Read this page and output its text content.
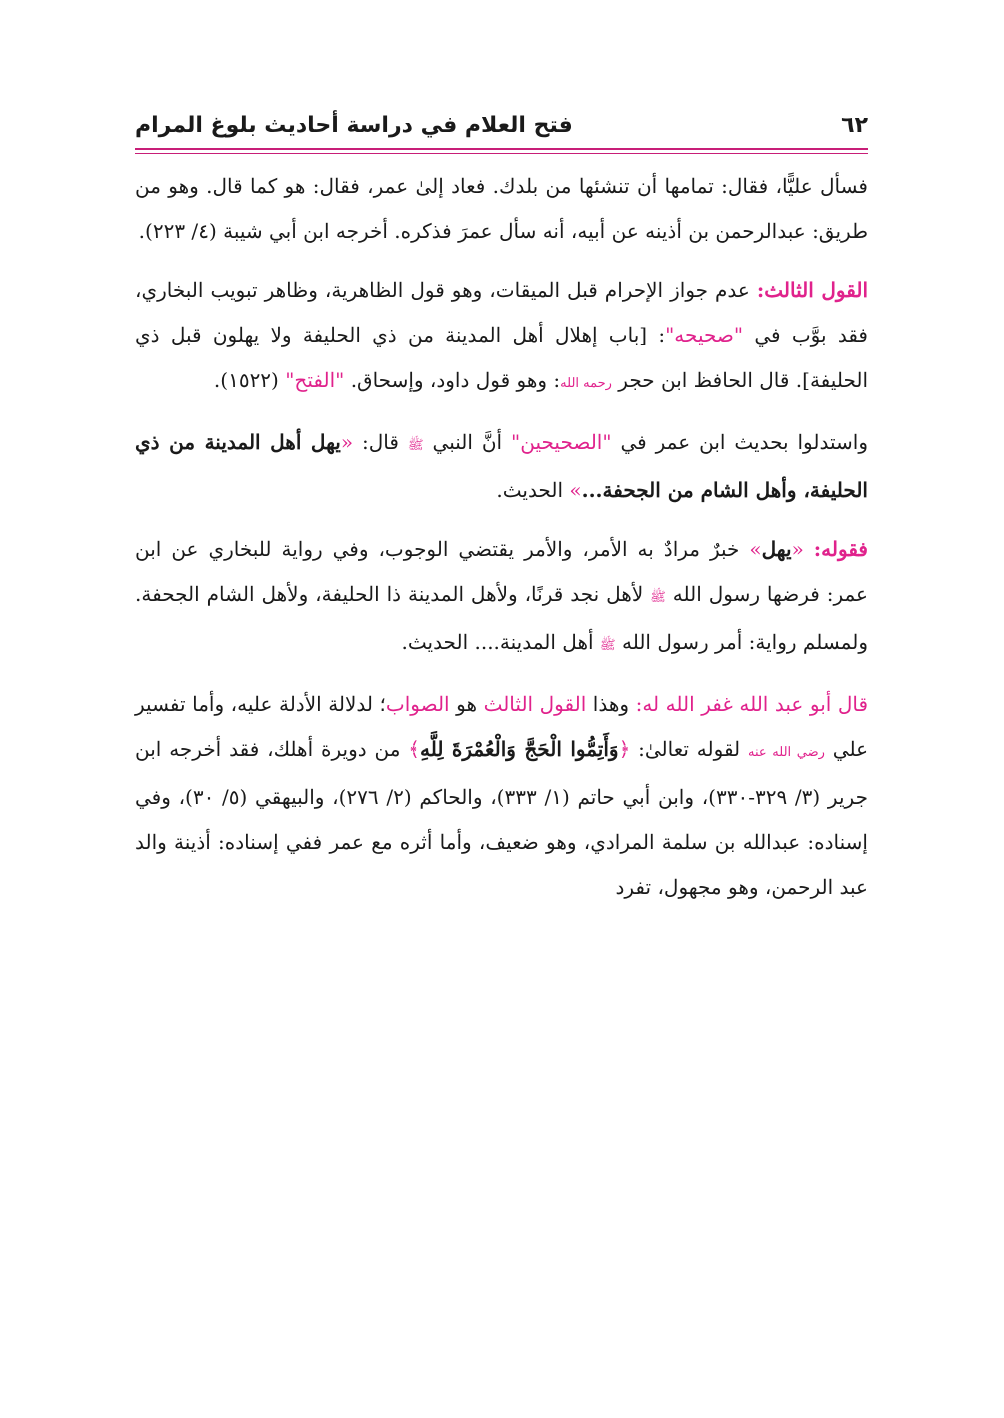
٦٢
فتح العلام في دراسة أحاديث بلوغ المرام

فسأل عليًّا، فقال: تمامها أن تنشئها من بلدك. فعاد إلىٰ عمر، فقال: هو كما قال. وهو من طريق: عبدالرحمن بن أذينه عن أبيه، أنه سأل عمرَ فذكره. أخرجه ابن أبي شيبة (٤/ ٢٢٣).

القول الثالث: عدم جواز الإحرام قبل الميقات، وهو قول الظاهرية، وظاهر تبويب البخاري، فقد بوَّب في "صحيحه": [باب إهلال أهل المدينة من ذي الحليفة ولا يهلون قبل ذي الحليفة]. قال الحافظ ابن حجر رحمه الله: وهو قول داود، وإسحاق. "الفتح" (١٥٢٢).

واستدلوا بحديث ابن عمر في "الصحيحين" أنَّ النبي ﷺ قال: «يهل أهل المدينة من ذي الحليفة، وأهل الشام من الجحفة...» الحديث.

فقوله: «يهل» خبرٌ مرادٌ به الأمر، والأمر يقتضي الوجوب، وفي رواية للبخاري عن ابن عمر: فرضها رسول الله ﷺ لأهل نجد قرنًا، ولأهل المدينة ذا الحليفة، ولأهل الشام الجحفة. ولمسلم رواية: أمر رسول الله ﷺ أهل المدينة.... الحديث.

قال أبو عبد الله غفر الله له: وهذا القول الثالث هو الصواب؛ لدلالة الأدلة عليه، وأما تفسير علي رضي الله عنه لقوله تعالىٰ: ﴿وَأَتِمُّوا الْحَجَّ وَالْعُمْرَةَ لِلَّهِ﴾ من دويرة أهلك، فقد أخرجه ابن جرير (٣/ ٣٢٩-٣٣٠)، وابن أبي حاتم (١/ ٣٣٣)، والحاكم (٢/ ٢٧٦)، والبيهقي (٥/ ٣٠)، وفي إسناده: عبدالله بن سلمة المرادي، وهو ضعيف، وأما أثره مع عمر ففي إسناده: أذينة والد عبد الرحمن، وهو مجهول، تفرد
